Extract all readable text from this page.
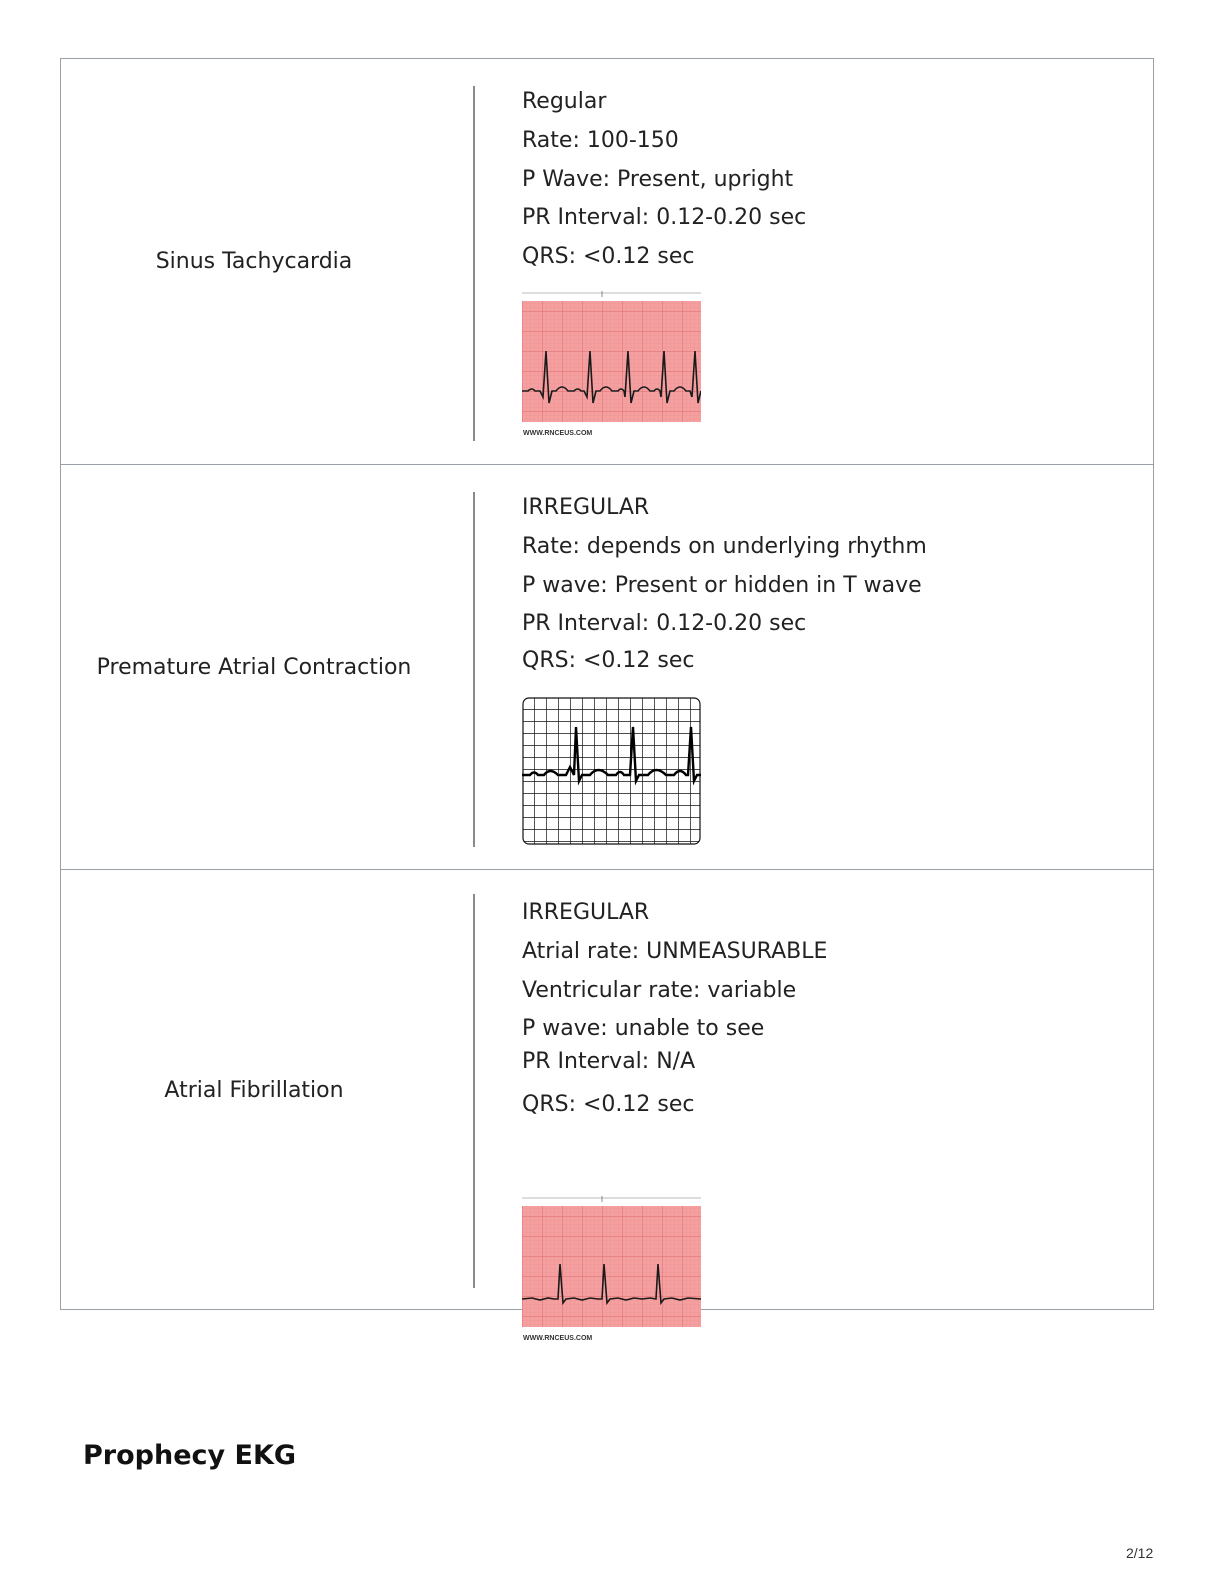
Sinus Tachycardia
Regular
Rate: 100-150
P Wave: Present, upright
PR Interval: 0.12-0.20 sec
QRS: <0.12 sec
WWW.RNCEUS.COM
Premature Atrial Contraction
IRREGULAR
Rate: depends on underlying rhythm
P wave: Present or hidden in T wave
PR Interval: 0.12-0.20 sec
QRS: <0.12 sec
Atrial Fibrillation
IRREGULAR
Atrial rate: UNMEASURABLE
Ventricular rate: variable
P wave: unable to see
PR Interval: N/A
QRS: <0.12 sec
WWW.RNCEUS.COM
Prophecy EKG
2/12
